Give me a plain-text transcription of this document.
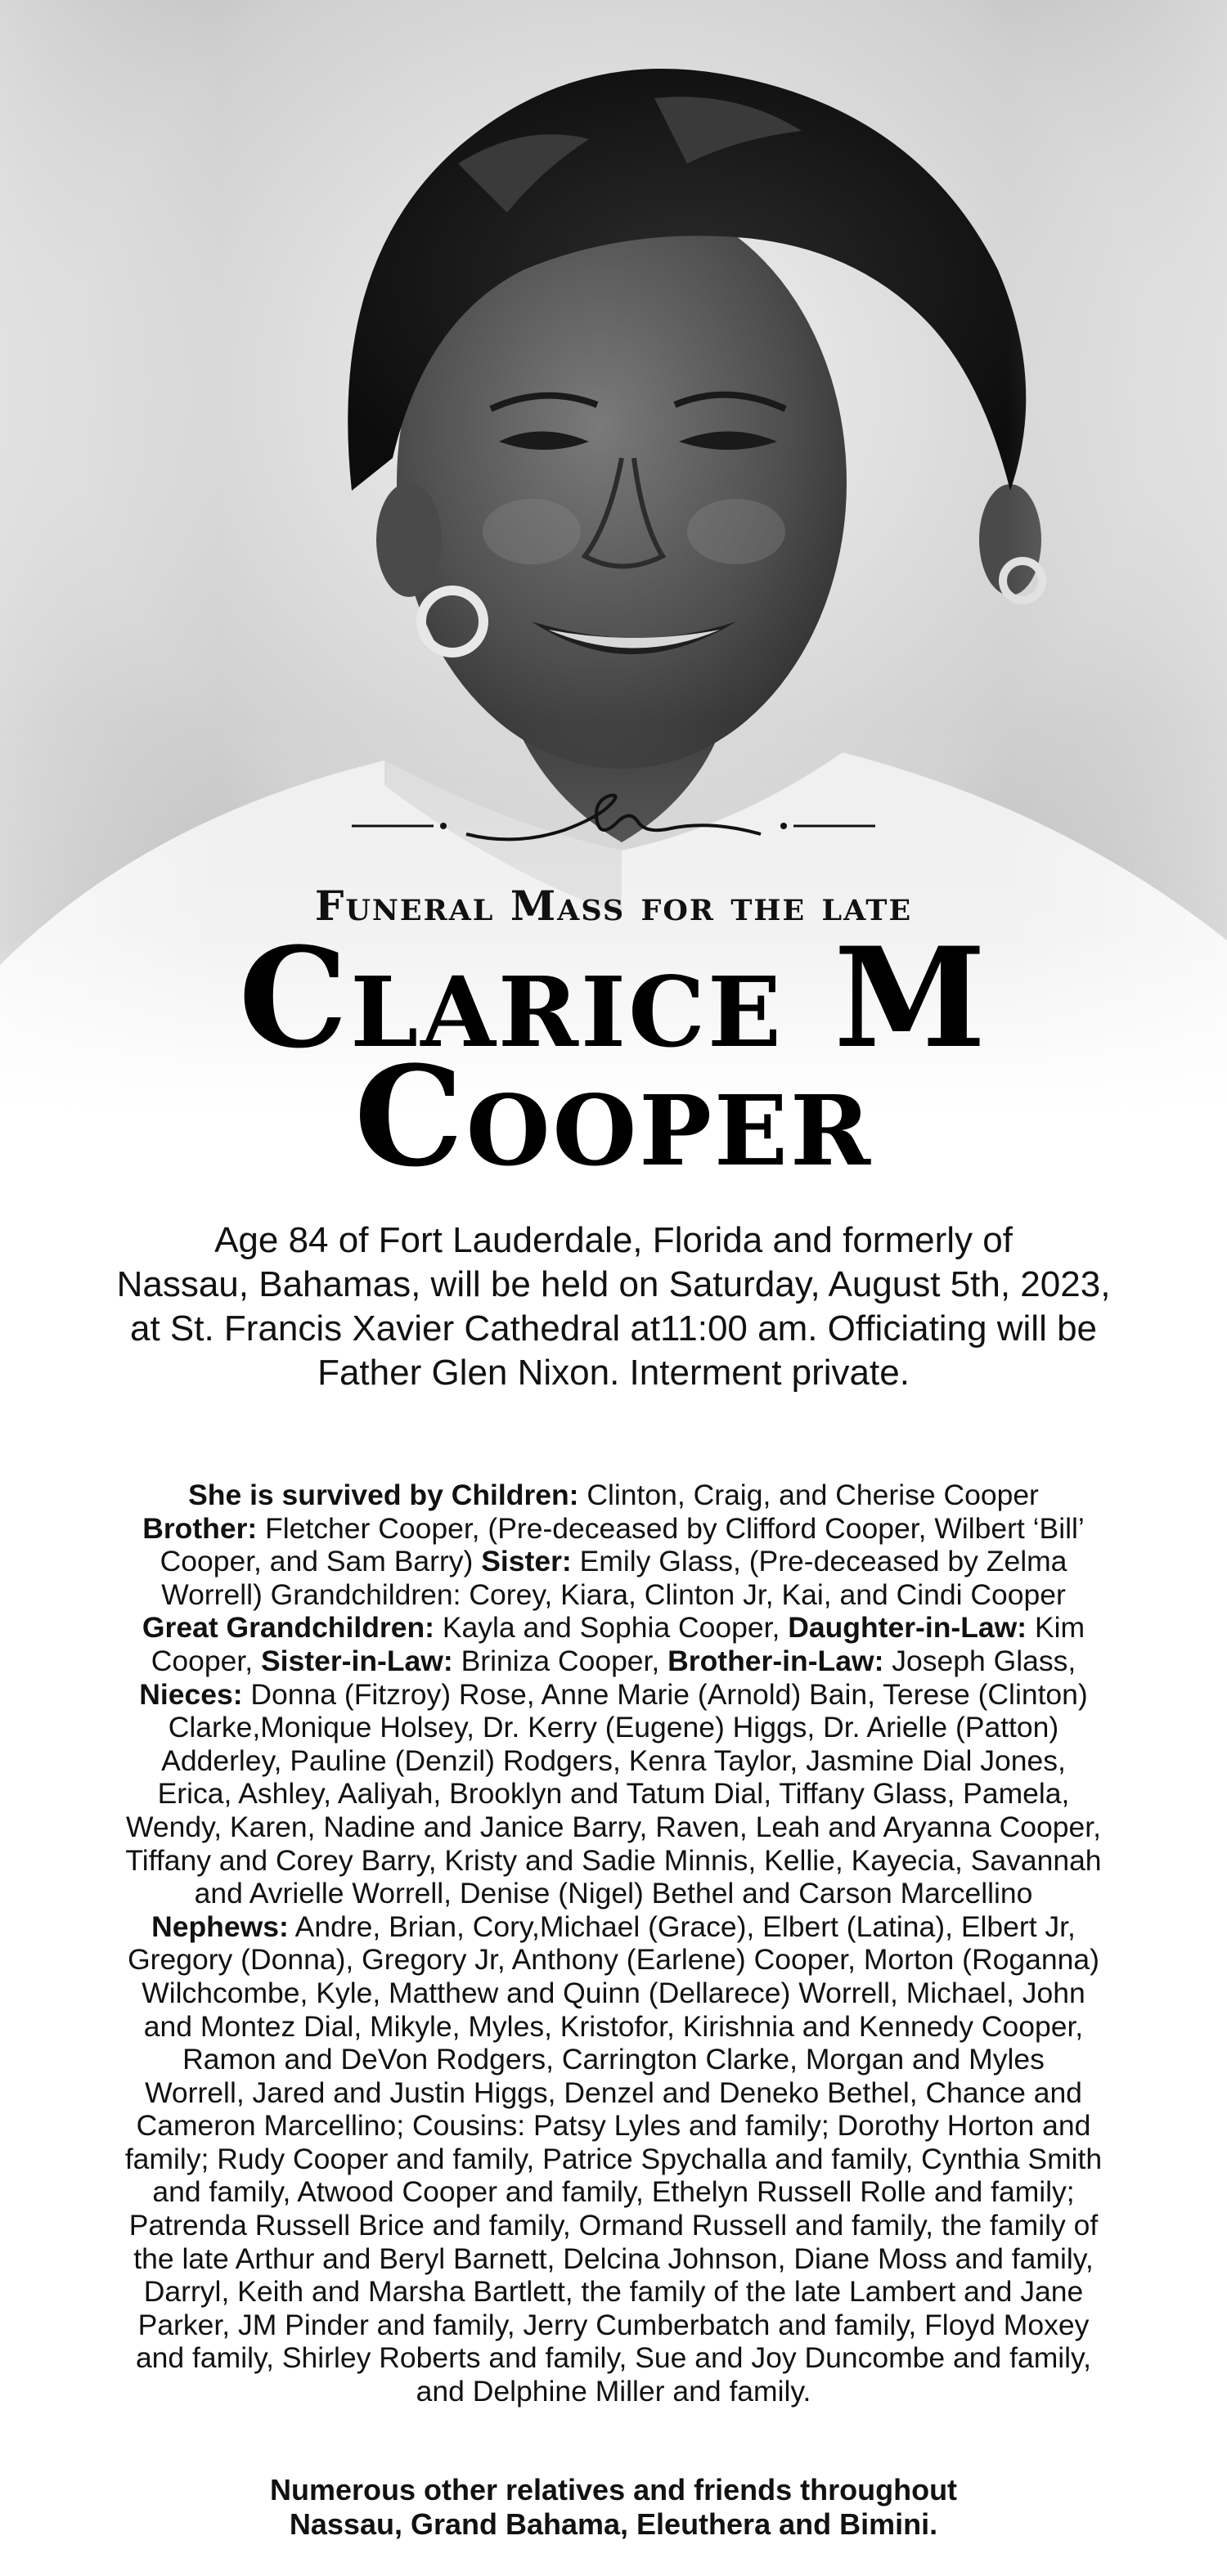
Funeral Mass for the late
Clarice M
Cooper
Age 84 of Fort Lauderdale, Florida and formerly of
Nassau, Bahamas, will be held on Saturday, August 5th, 2023,
at St. Francis Xavier Cathedral at11:00 am. Officiating will be
Father Glen Nixon. Interment private.
She is survived by Children: Clinton, Craig, and Cherise Cooper
Brother: Fletcher Cooper, (Pre-deceased by Clifford Cooper, Wilbert ‘Bill’
Cooper, and Sam Barry) Sister: Emily Glass, (Pre-deceased by Zelma
Worrell) Grandchildren: Corey, Kiara, Clinton Jr, Kai, and Cindi Cooper
Great Grandchildren: Kayla and Sophia Cooper, Daughter-in-Law: Kim
Cooper, Sister-in-Law: Briniza Cooper, Brother-in-Law: Joseph Glass,
Nieces: Donna (Fitzroy) Rose, Anne Marie (Arnold) Bain, Terese (Clinton)
Clarke,Monique Holsey, Dr. Kerry (Eugene) Higgs, Dr. Arielle (Patton)
Adderley, Pauline (Denzil) Rodgers, Kenra Taylor, Jasmine Dial Jones,
Erica, Ashley, Aaliyah, Brooklyn and Tatum Dial, Tiffany Glass, Pamela,
Wendy, Karen, Nadine and Janice Barry, Raven, Leah and Aryanna Cooper,
Tiffany and Corey Barry, Kristy and Sadie Minnis, Kellie, Kayecia, Savannah
and Avrielle Worrell, Denise (Nigel) Bethel and Carson Marcellino
Nephews: Andre, Brian, Cory,Michael (Grace), Elbert (Latina), Elbert Jr,
Gregory (Donna), Gregory Jr, Anthony (Earlene) Cooper, Morton (Roganna)
Wilchcombe, Kyle, Matthew and Quinn (Dellarece) Worrell, Michael, John
and Montez Dial, Mikyle, Myles, Kristofor, Kirishnia and Kennedy Cooper,
Ramon and DeVon Rodgers, Carrington Clarke, Morgan and Myles
Worrell, Jared and Justin Higgs, Denzel and Deneko Bethel, Chance and
Cameron Marcellino; Cousins: Patsy Lyles and family; Dorothy Horton and
family; Rudy Cooper and family, Patrice Spychalla and family, Cynthia Smith
and family, Atwood Cooper and family, Ethelyn Russell Rolle and family;
Patrenda Russell Brice and family, Ormand Russell and family, the family of
the late Arthur and Beryl Barnett, Delcina Johnson, Diane Moss and family,
Darryl, Keith and Marsha Bartlett, the family of the late Lambert and Jane
Parker, JM Pinder and family, Jerry Cumberbatch and family, Floyd Moxey
and family, Shirley Roberts and family, Sue and Joy Duncombe and family,
and Delphine Miller and family.
Numerous other relatives and friends throughout
Nassau, Grand Bahama, Eleuthera and Bimini.
